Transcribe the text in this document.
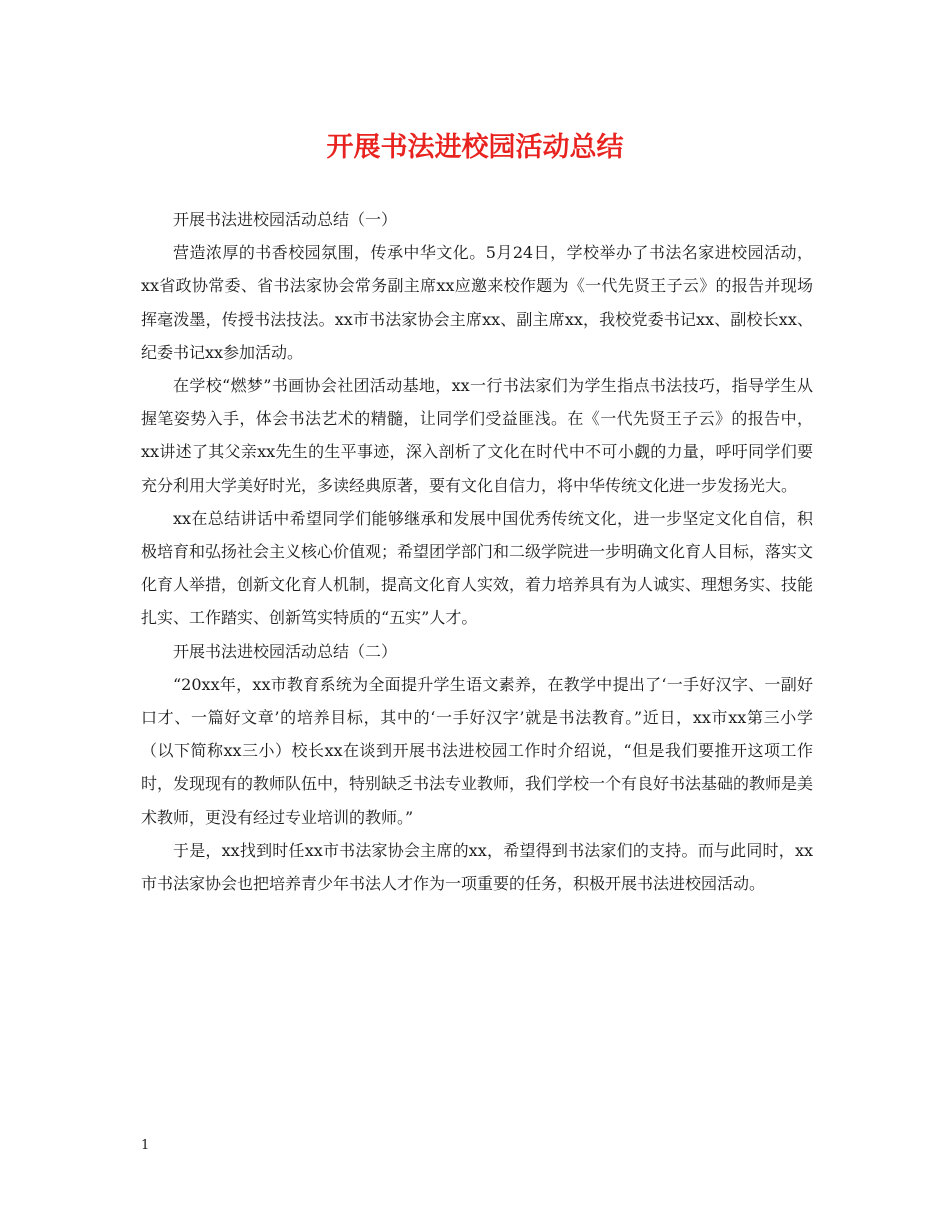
开展书法进校园活动总结

开展书法进校园活动总结（一）

营造浓厚的书香校园氛围，传承中华文化。5月24日，学校举办了书法名家进校园活动，xx省政协常委、省书法家协会常务副主席xx应邀来校作题为《一代先贤王子云》的报告并现场挥毫泼墨，传授书法技法。xx市书法家协会主席xx、副主席xx，我校党委书记xx、副校长xx、纪委书记xx参加活动。

在学校“燃梦”书画协会社团活动基地，xx一行书法家们为学生指点书法技巧，指导学生从握笔姿势入手，体会书法艺术的精髓，让同学们受益匪浅。在《一代先贤王子云》的报告中，xx讲述了其父亲xx先生的生平事迹，深入剖析了文化在时代中不可小觑的力量，呼吁同学们要充分利用大学美好时光，多读经典原著，要有文化自信力，将中华传统文化进一步发扬光大。

xx在总结讲话中希望同学们能够继承和发展中国优秀传统文化，进一步坚定文化自信，积极培育和弘扬社会主义核心价值观；希望团学部门和二级学院进一步明确文化育人目标，落实文化育人举措，创新文化育人机制，提高文化育人实效，着力培养具有为人诚实、理想务实、技能扎实、工作踏实、创新笃实特质的“五实”人才。

开展书法进校园活动总结（二）

“20xx年，xx市教育系统为全面提升学生语文素养，在教学中提出了‘一手好汉字、一副好口才、一篇好文章’的培养目标，其中的‘一手好汉字’就是书法教育。”近日，xx市xx第三小学（以下简称xx三小）校长xx在谈到开展书法进校园工作时介绍说，“但是我们要推开这项工作时，发现现有的教师队伍中，特别缺乏书法专业教师，我们学校一个有良好书法基础的教师是美术教师，更没有经过专业培训的教师。”

于是，xx找到时任xx市书法家协会主席的xx，希望得到书法家们的支持。而与此同时，xx市书法家协会也把培养青少年书法人才作为一项重要的任务，积极开展书法进校园活动。

1
